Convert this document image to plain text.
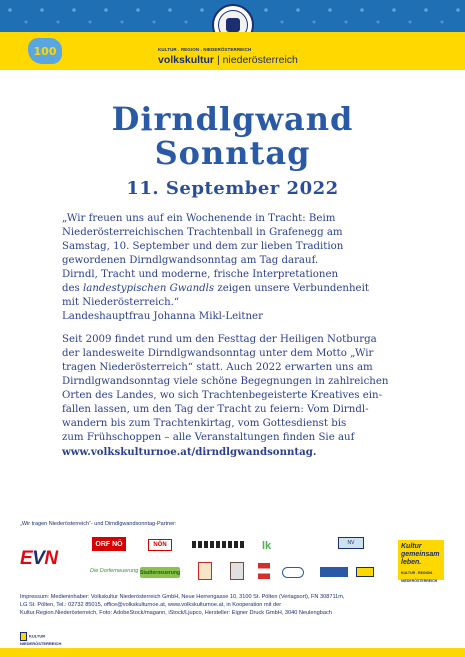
100	KULTUR . REGION . NIEDERÖSTERREICH
volkskultur | niederösterreich
Dirndlgwand
Sonntag
11. September 2022

„Wir freuen uns auf ein Wochenende in Tracht: Beim

Niederösterreichischen Trachtenball in Grafenegg am

Samstag, 10. September und dem zur lieben Tradition

gewordenen Dirndlgwandsonntag am Tag darauf.

Dirndl, Tracht und moderne, frische Interpretationen

des landestypischen Gwandls zeigen unsere Verbundenheit

mit Niederösterreich.“

Landeshauptfrau Johanna Mikl-Leitner

Seit 2009 findet rund um den Festtag der Heiligen Notburga

der landesweite Dirndlgwandsonntag unter dem Motto „Wir

tragen Niederösterreich“ statt. Auch 2022 erwarten uns am

Dirndlgwandsonntag viele schöne Begegnungen in zahlreichen

Orten des Landes, wo sich Trachtenbegeisterte Kreatives ein-

fallen lassen, um den Tag der Tracht zu feiern: Vom Dirndl-

wandern bis zum Trachtenkirtag, vom Gottesdienst bis

zum Frühschoppen – alle Veranstaltungen finden Sie auf

www.volkskulturnoe.at/dirndlgwandsonntag.

„Wir tragen Niederösterreich“- und Dirndlgwandsonntag-Partner:
EVN
ORF NÖ	NÖN	lk	NV	Kultur
gemeinsam
leben.
KULTUR . REGION . NIEDERÖSTERREICH
Die Dorferneuerung Stadterneuerung
Impressum: Medieninhaber: Volkskultur Niederösterreich GmbH, Neue Herrengasse 10, 3100 St. Pölten (Verlagsort), FN 308711m,
LG St. Pölten, Tel.: 02732 85015, office@volkskulturnoe.at, www.volkskulturnoe.at, in Kooperation mit der
Kultur.Region.Niederösterreich, Foto: AdobeStock/magann, iStock/Ljupco, Hersteller: Eigner Druck GmbH, 3040 Neulengbach
KULTUR
NIEDERÖSTERREICH
